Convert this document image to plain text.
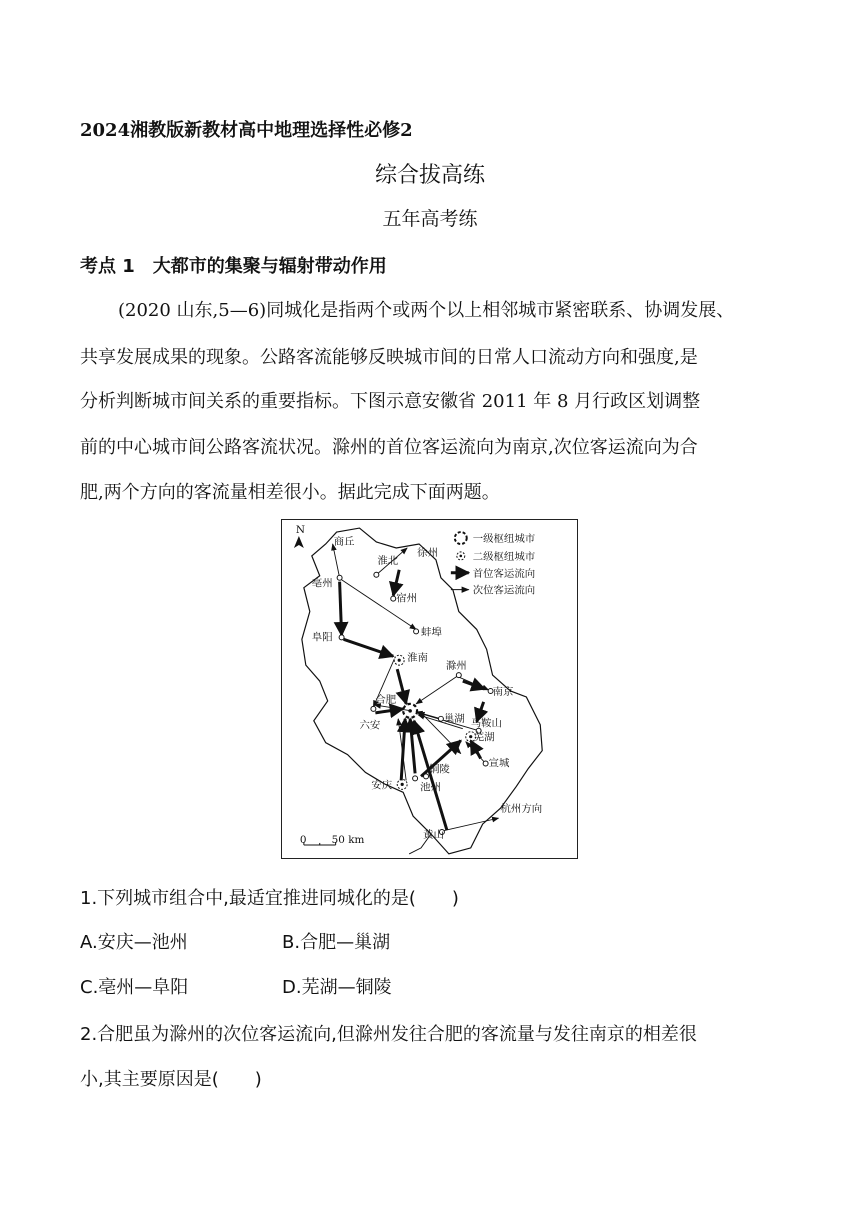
2024湘教版新教材高中地理选择性必修2
综合拔高练
五年高考练
考点 1　大都市的集聚与辐射带动作用
(2020 山东,5—6)同城化是指两个或两个以上相邻城市紧密联系、协调发展、
共享发展成果的现象。公路客流能够反映城市间的日常人口流动方向和强度,是
分析判断城市间关系的重要指标。下图示意安徽省 2011 年 8 月行政区划调整
前的中心城市间公路客流状况。滁州的首位客运流向为南京,次位客运流向为合
肥,两个方向的客流量相差很小。据此完成下面两题。
N
一级枢纽城市
二级枢纽城市
首位客运流向
次位客运流向
商丘
淮北
徐州
亳州
宿州
蚌埠
阜阳
淮南
滁州
南京
合肥
六安
巢湖 马鞍山
芜湖
宣城
铜陵
安庆	池州
杭州方向
黄山
0 50 km
1.下列城市组合中,最适宜推进同城化的是(　　)
A.安庆—池州	B.合肥—巢湖
C.亳州—阜阳	D.芜湖—铜陵
2.合肥虽为滁州的次位客运流向,但滁州发往合肥的客流量与发往南京的相差很
小,其主要原因是(　　)
